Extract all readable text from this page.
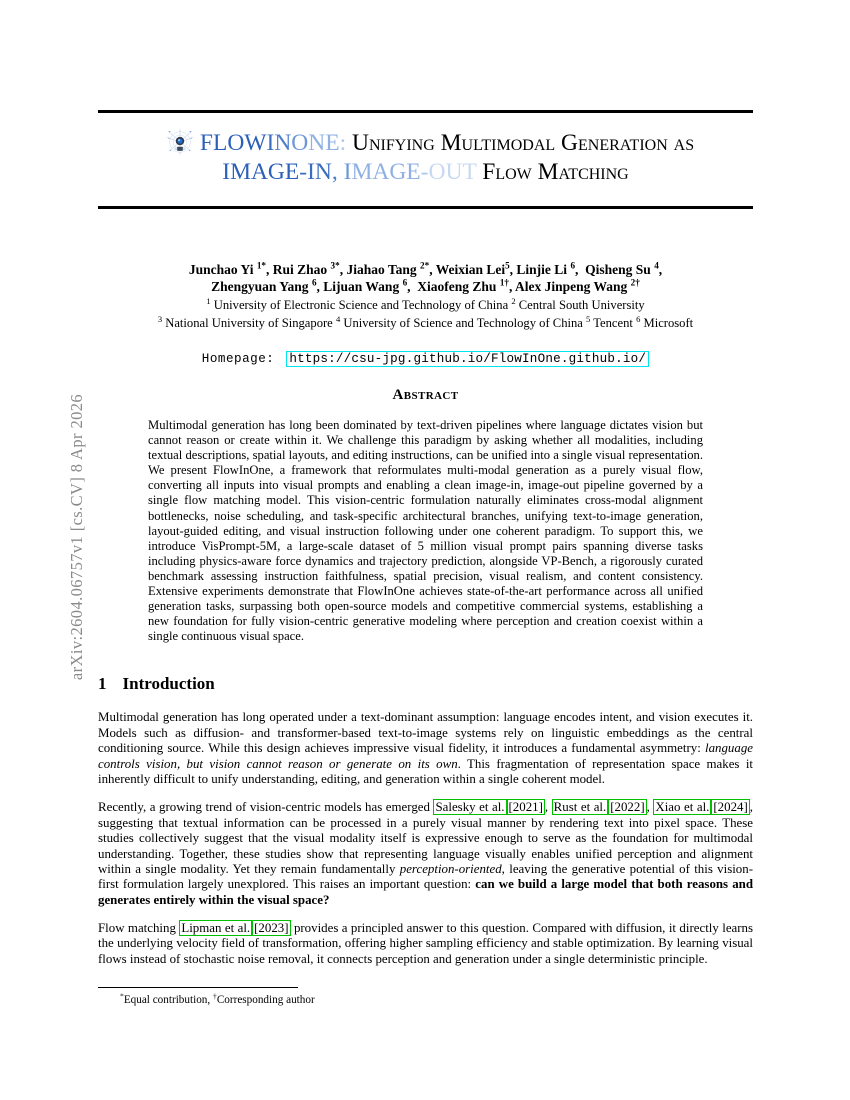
arXiv:2604.06757v1 [cs.CV] 8 Apr 2026
FLOWINONE: Unifying Multimodal Generation as
IMAGE-IN, IMAGE-OUT Flow Matching
Junchao Yi $^{1*}$, Rui Zhao $^{3*}$, Jiahao Tang $^{2*}$, Weixian Lei$^5$, Linjie Li $^6$,  Qisheng Su $^4$,
Zhengyuan Yang $^6$, Lijuan Wang $^6$,  Xiaofeng Zhu $^{1\dagger}$, Alex Jinpeng Wang $^{2\dagger}$
$^1$ University of Electronic Science and Technology of China $^2$ Central South University
$^3$ National University of Singapore $^4$ University of Science and Technology of China $^5$ Tencent $^6$ Microsoft
Homepage: https://csu-jpg.github.io/FlowInOne.github.io/
Abstract
Multimodal generation has long been dominated by text-driven pipelines where language dictates vision but cannot reason or create within it. We challenge this paradigm by asking whether all modalities, including textual descriptions, spatial layouts, and editing instructions, can be unified into a single visual representation. We present FlowInOne, a framework that reformulates multi-modal generation as a purely visual flow, converting all inputs into visual prompts and enabling a clean image-in, image-out pipeline governed by a single flow matching model. This vision-centric formulation naturally eliminates cross-modal alignment bottlenecks, noise scheduling, and task-specific architectural branches, unifying text-to-image generation, layout-guided editing, and visual instruction following under one coherent paradigm. To support this, we introduce VisPrompt-5M, a large-scale dataset of 5 million visual prompt pairs spanning diverse tasks including physics-aware force dynamics and trajectory prediction, alongside VP-Bench, a rigorously curated benchmark assessing instruction faithfulness, spatial precision, visual realism, and content consistency. Extensive experiments demonstrate that FlowInOne achieves state-of-the-art performance across all unified generation tasks, surpassing both open-source models and competitive commercial systems, establishing a new foundation for fully vision-centric generative modeling where perception and creation coexist within a single continuous visual space.
1 Introduction

Multimodal generation has long operated under a text-dominant assumption: language encodes intent, and vision executes it. Models such as diffusion- and transformer-based text-to-image systems rely on linguistic embeddings as the central conditioning source. While this design achieves impressive visual fidelity, it introduces a fundamental asymmetry: language controls vision, but vision cannot reason or generate on its own. This fragmentation of representation space makes it inherently difficult to unify understanding, editing, and generation within a single coherent model.

Recently, a growing trend of vision-centric models has emerged Salesky et al. [2021] , Rust et al. [2022] , Xiao et al. [2024] , suggesting that textual information can be processed in a purely visual manner by rendering text into pixel space. These studies collectively suggest that the visual modality itself is expressive enough to serve as the foundation for multimodal understanding. Together, these studies show that representing language visually enables unified perception and alignment within a single modality. Yet they remain fundamentally perception-oriented, leaving the generative potential of this vision-first formulation largely unexplored. This raises an important question: can we build a large model that both reasons and generates entirely within the visual space?

Flow matching Lipman et al. [2023] provides a principled answer to this question. Compared with diffusion, it directly learns the underlying velocity field of transformation, offering higher sampling efficiency and stable optimization. By learning visual flows instead of stochastic noise removal, it connects perception and generation under a single deterministic principle.

*Equal contribution, †Corresponding author
